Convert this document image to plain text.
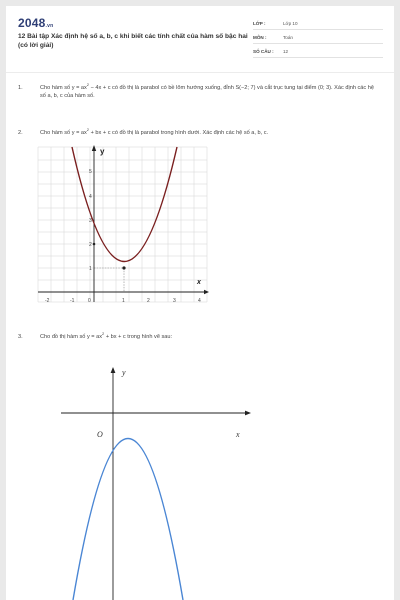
2048.vn
12 Bài tập Xác định hệ số a, b, c khi biết các tính chất của hàm số bậc hai (có lời giải)
LỚP :	Lớp 10
MÔN :	Toán
SỐ CÂU : 12
1.	Cho hàm số $y = ax^2 - 4x + c$ có đồ thị là parabol có bề lõm hướng xuống, đỉnh S(−2; 7) và cắt trục tung tại điểm (0; 3). Xác định các hệ số a, b, c của hàm số.
2.	Cho hàm số $y = ax^2$ + bx + c có đồ thị là parabol trong hình dưới. Xác định các hệ số a, b, c.
y
x
-2	-1	0	1	2	3	4
1
2
3
4
5
3.	Cho đồ thị hàm số $y = ax^2$ + bx + c trong hình vẽ sau:
y
x
O
